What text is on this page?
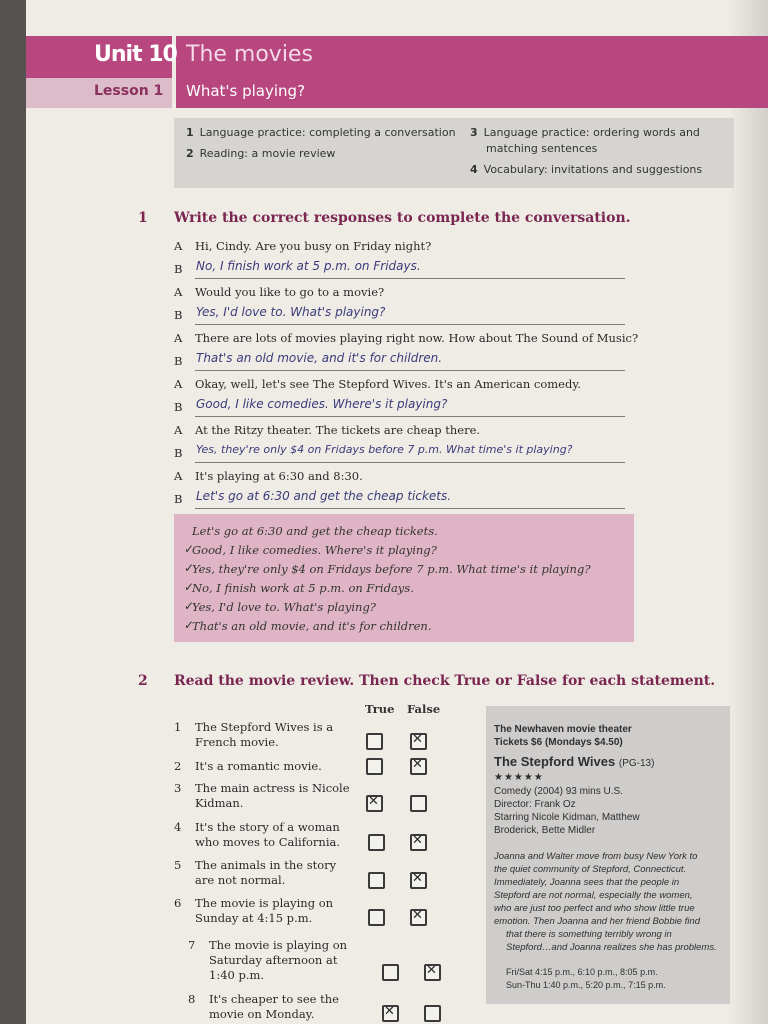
Unit 10 The movies
Lesson 1 What's playing?
1 Language practice: completing a conversation
2 Reading: a movie review
3 Language practice: ordering words and
matching sentences
4 Vocabulary: invitations and suggestions
1 Write the correct responses to complete the conversation.
A Hi, Cindy. Are you busy on Friday night?
B No, I finish work at 5 p.m. on Fridays.
A Would you like to go to a movie?
B Yes, I'd love to. What's playing?
A There are lots of movies playing right now. How about The Sound of Music?
B That's an old movie, and it's for children.
A Okay, well, let's see The Stepford Wives. It's an American comedy.
B Good, I like comedies. Where's it playing?
A At the Ritzy theater. The tickets are cheap there.
B Yes, they're only $4 on Fridays before 7 p.m. What time's it playing?
A It's playing at 6:30 and 8:30.
B Let's go at 6:30 and get the cheap tickets.
Let's go at 6:30 and get the cheap tickets.
✓
Good, I like comedies. Where's it playing?
✓
Yes, they're only $4 on Fridays before 7 p.m. What time's it playing?
✓
No, I finish work at 5 p.m. on Fridays.
✓
Yes, I'd love to. What's playing?
✓
That's an old movie, and it's for children.
2 Read the movie review. Then check True or False for each statement.
True False
1 The Stepford Wives is a French movie.
2 It's a romantic movie.
3 The main actress is Nicole Kidman.
4 It's the story of a woman who moves to California.
5 The animals in the story are not normal.
6 The movie is playing on Sunday at 4:15 p.m.
7 The movie is playing on Saturday afternoon at 1:40 p.m.
8 It's cheaper to see the movie on Monday.
✕
✕
✕
✕
✕
✕
✕
✕
The Newhaven movie theater
Tickets $6 (Mondays $4.50)
The Stepford Wives (PG-13)
★★★★★
Comedy (2004) 93 mins U.S.
Director: Frank Oz
Starring Nicole Kidman, Matthew
Broderick, Bette Midler
Joanna and Walter move from busy New York to
the quiet community of Stepford, Connecticut.
Immediately, Joanna sees that the people in
Stepford are not normal, especially the women,
who are just too perfect and who show little true
emotion. Then Joanna and her friend Bobbie find
that there is something terribly wrong in
Stepford…and Joanna realizes she has problems.
Fri/Sat 4:15 p.m., 6:10 p.m., 8:05 p.m.
Sun-Thu 1:40 p.m., 5:20 p.m., 7:15 p.m.
